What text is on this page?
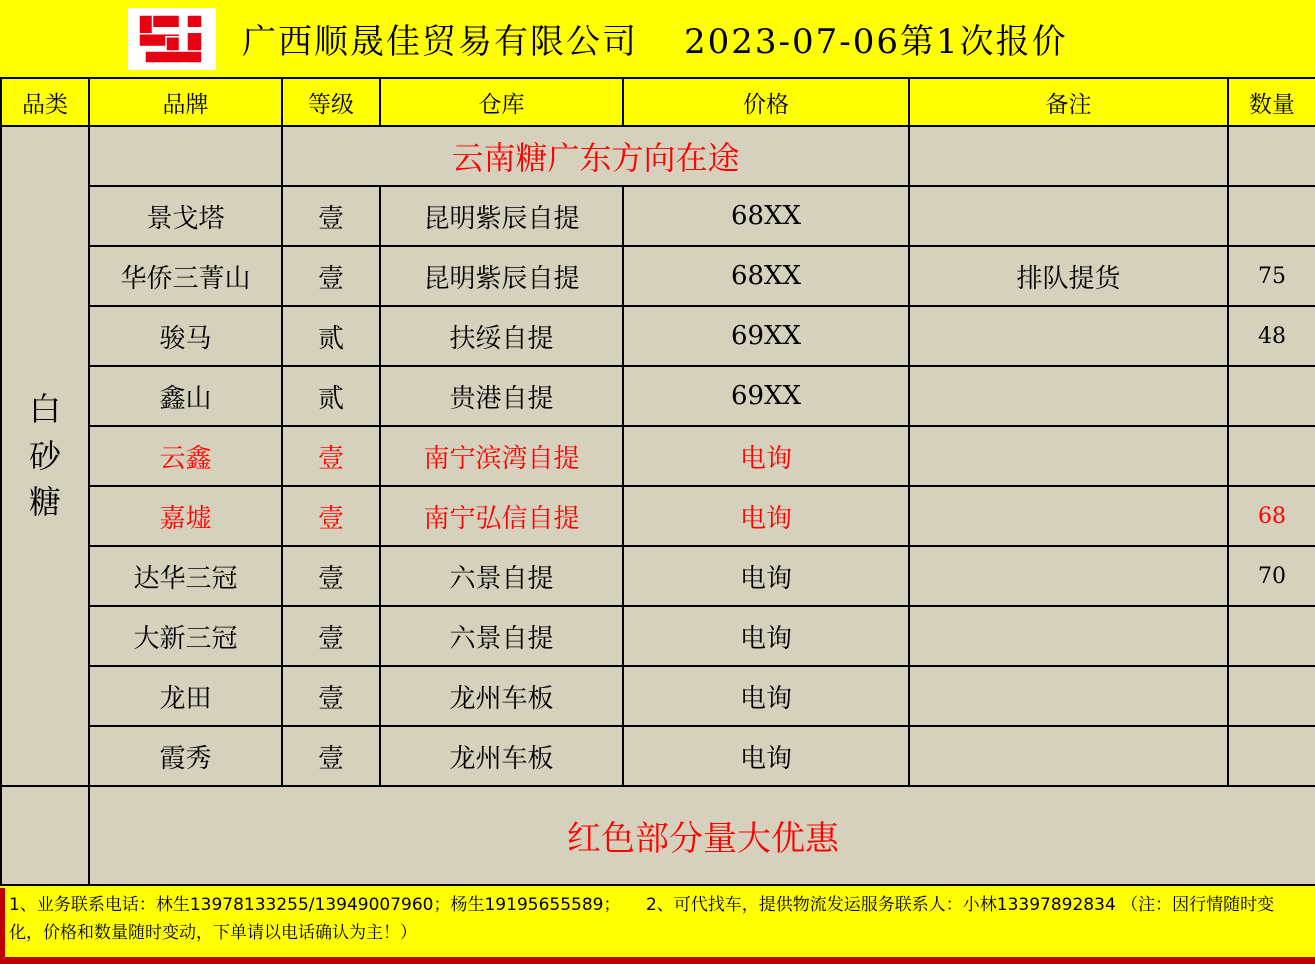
广西顺晟佳贸易有限公司 2023-07-06第1次报价
品类	品牌	等级	仓库	价格	备注	数量

白砂糖		云南糖广东方向在途				
	景戈塔	壹	昆明紫辰自提	68XX		
	华侨三菁山	壹	昆明紫辰自提	68XX	排队提货	75
	骏马	贰	扶绥自提	69XX		48
	鑫山	贰	贵港自提	69XX		
	云鑫	壹	南宁滨湾自提	电询		
	嘉墟	壹	南宁弘信自提	电询		68
	达华三冠	壹	六景自提	电询		70
	大新三冠	壹	六景自提	电询		
	龙田	壹	龙州车板	电询		
	霞秀	壹	龙州车板	电询		
	红色部分量大优惠					
1、业务联系电话：林生13978133255/13949007960；杨生19195655589；　　2、可代找车，提供物流发运服务联系人：小林13397892834 （注：因行情随时变化，价格和数量随时变动，下单请以电话确认为主！）
